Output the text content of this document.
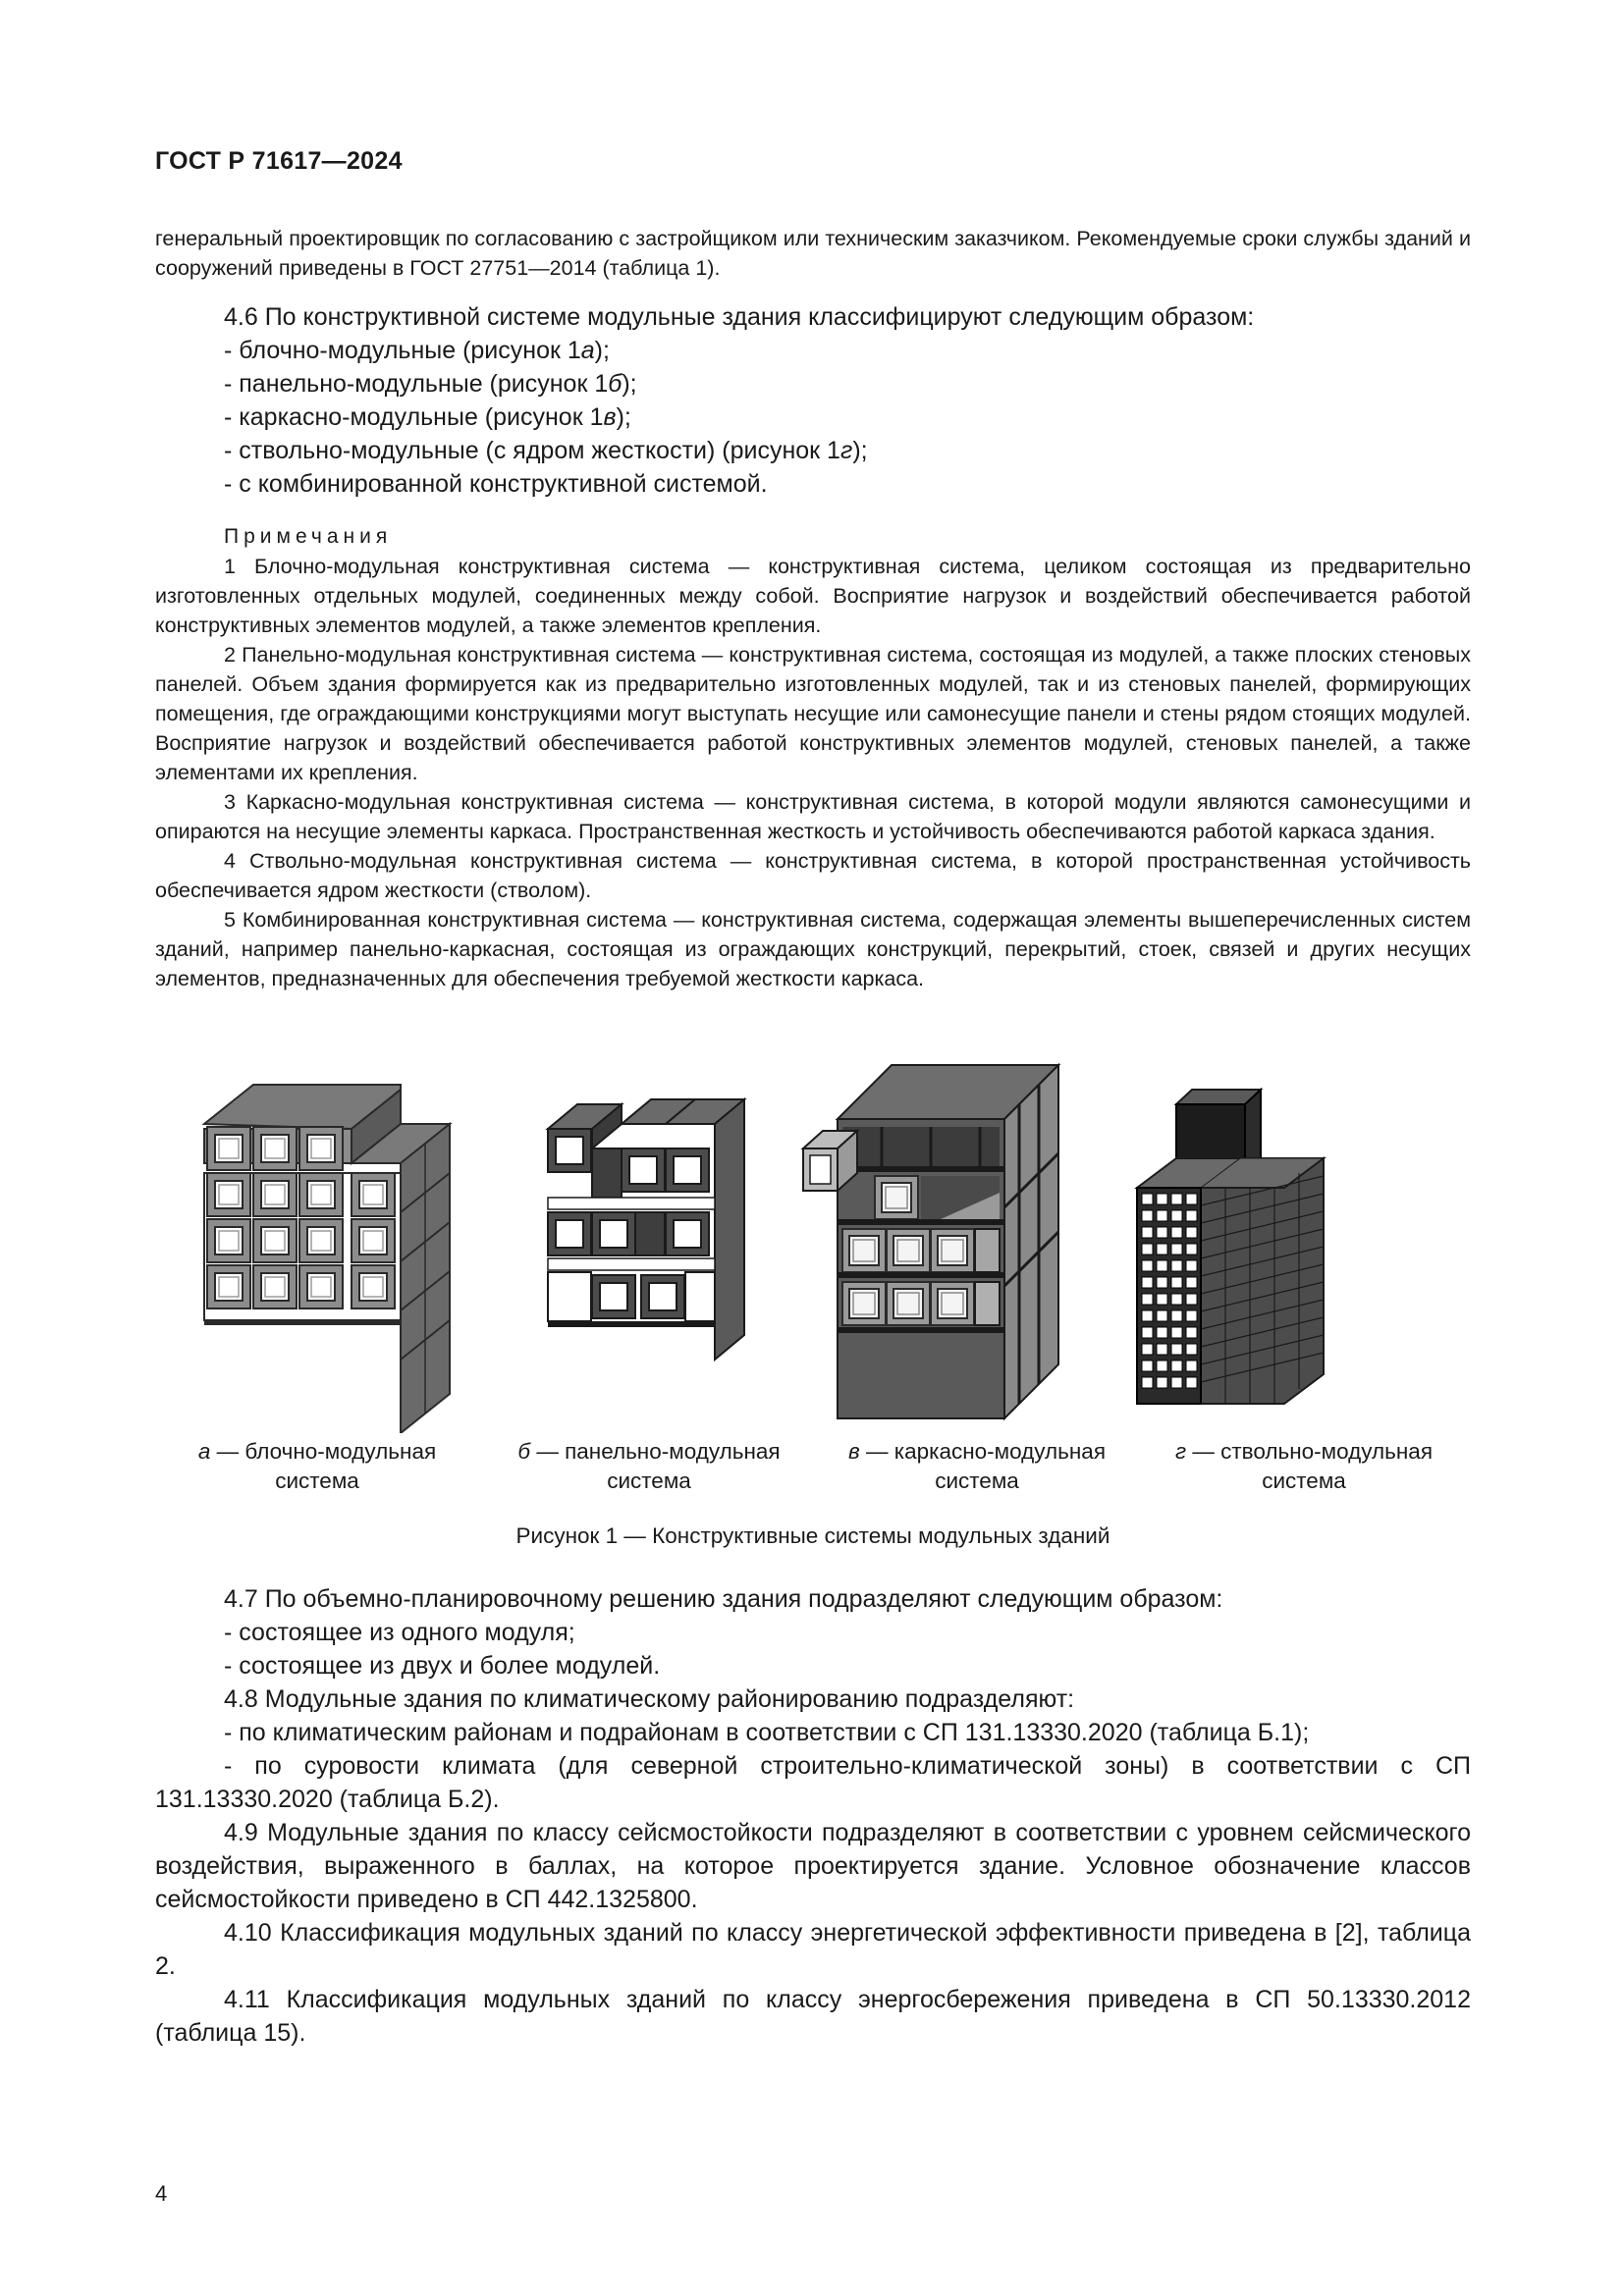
ГОСТ Р 71617—2024

генеральный проектировщик по согласованию с застройщиком или техническим заказчиком. Рекомендуемые сроки службы зданий и сооружений приведены в ГОСТ 27751—2014 (таблица 1).

4.6 По конструктивной системе модульные здания классифицируют следующим образом:

- блочно-модульные (рисунок 1а);

- панельно-модульные (рисунок 1б);

- каркасно-модульные (рисунок 1в);

- ствольно-модульные (с ядром жесткости) (рисунок 1г);

- с комбинированной конструктивной системой.

Примечания

1 Блочно-модульная конструктивная система — конструктивная система, целиком состоящая из предварительно изготовленных отдельных модулей, соединенных между собой. Восприятие нагрузок и воздействий обеспечивается работой конструктивных элементов модулей, а также элементов крепления.

2 Панельно-модульная конструктивная система — конструктивная система, состоящая из модулей, а также плоских стеновых панелей. Объем здания формируется как из предварительно изготовленных модулей, так и из стеновых панелей, формирующих помещения, где ограждающими конструкциями могут выступать несущие или самонесущие панели и стены рядом стоящих модулей. Восприятие нагрузок и воздействий обеспечивается работой конструктивных элементов модулей, стеновых панелей, а также элементами их крепления.

3 Каркасно-модульная конструктивная система — конструктивная система, в которой модули являются самонесущими и опираются на несущие элементы каркаса. Пространственная жесткость и устойчивость обеспечиваются работой каркаса здания.

4 Ствольно-модульная конструктивная система — конструктивная система, в которой пространственная устойчивость обеспечивается ядром жесткости (стволом).

5 Комбинированная конструктивная система — конструктивная система, содержащая элементы вышеперечисленных систем зданий, например панельно-каркасная, состоящая из ограждающих конструкций, перекрытий, стоек, связей и других несущих элементов, предназначенных для обеспечения требуемой жесткости каркаса.

а — блочно-модульная
система
б — панельно-модульная
система
в — каркасно-модульная
система
г — ствольно-модульная
система
Рисунок 1 — Конструктивные системы модульных зданий

4.7 По объемно-планировочному решению здания подразделяют следующим образом:

- состоящее из одного модуля;

- состоящее из двух и более модулей.

4.8 Модульные здания по климатическому районированию подразделяют:

- по климатическим районам и подрайонам в соответствии с СП 131.13330.2020 (таблица Б.1);

- по суровости климата (для северной строительно-климатической зоны) в соответствии с СП 131.13330.2020 (таблица Б.2).

4.9 Модульные здания по классу сейсмостойкости подразделяют в соответствии с уровнем сейсмического воздействия, выраженного в баллах, на которое проектируется здание. Условное обозначение классов сейсмостойкости приведено в СП 442.1325800.

4.10 Классификация модульных зданий по классу энергетической эффективности приведена в [2], таблица 2.

4.11 Классификация модульных зданий по классу энергосбережения приведена в СП 50.13330.2012 (таблица 15).

4
